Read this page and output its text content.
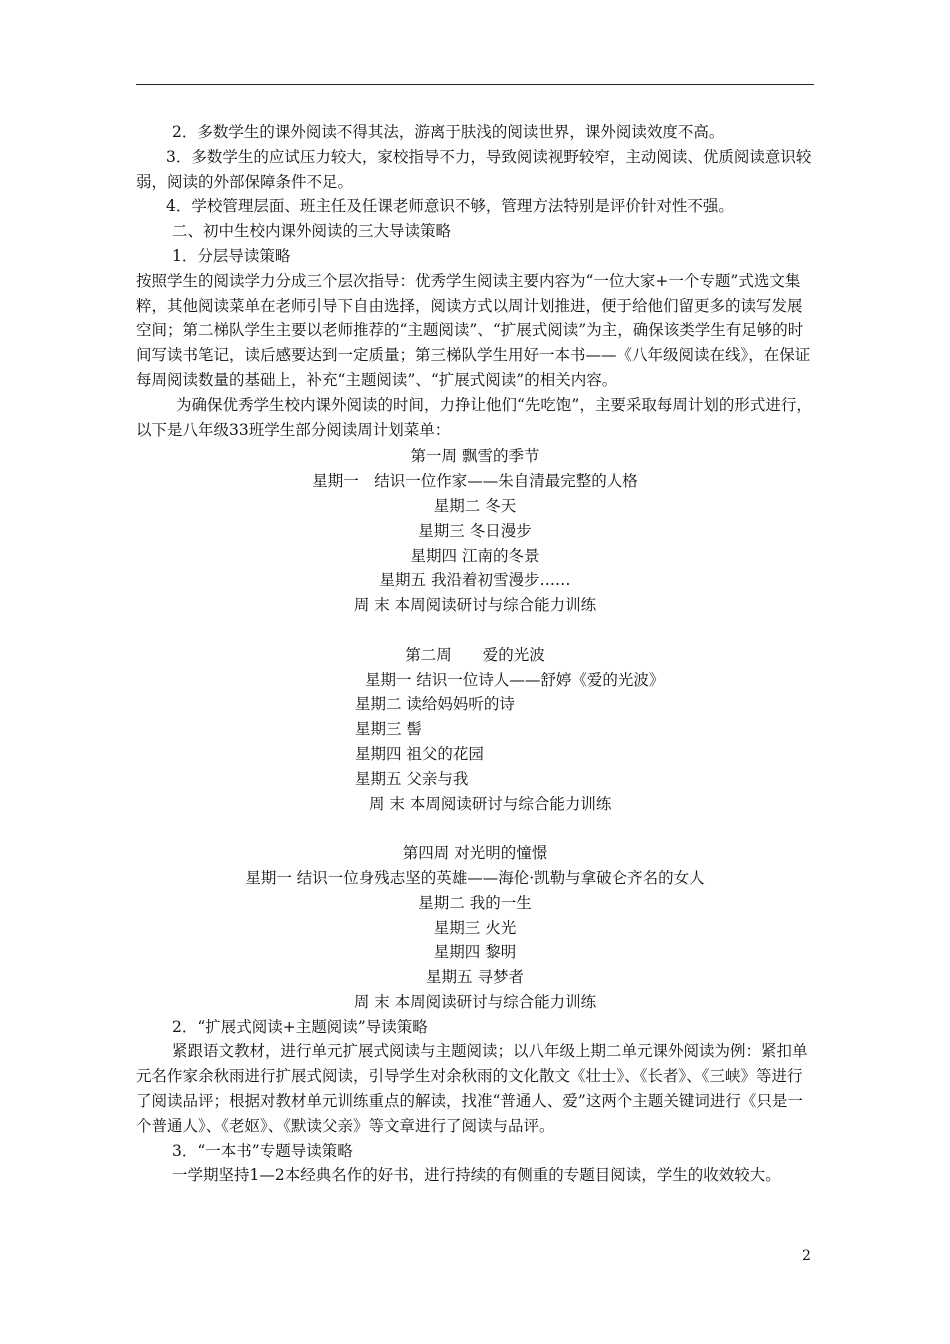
2．多数学生的课外阅读不得其法，游离于肤浅的阅读世界，课外阅读效度不高。

3．多数学生的应试压力较大，家校指导不力，导致阅读视野较窄，主动阅读、优质阅读意识较弱，阅读的外部保障条件不足。

4．学校管理层面、班主任及任课老师意识不够，管理方法特别是评价针对性不强。

二、初中生校内课外阅读的三大导读策略

1．分层导读策略

按照学生的阅读学力分成三个层次指导：优秀学生阅读主要内容为“一位大家+一个专题”式选文集粹，其他阅读菜单在老师引导下自由选择，阅读方式以周计划推进，便于给他们留更多的读写发展空间；第二梯队学生主要以老师推荐的“主题阅读”、“扩展式阅读”为主，确保该类学生有足够的时间写读书笔记，读后感要达到一定质量；第三梯队学生用好一本书——《八年级阅读在线》，在保证每周阅读数量的基础上，补充“主题阅读”、“扩展式阅读”的相关内容。

为确保优秀学生校内课外阅读的时间，力挣让他们“先吃饱”，主要采取每周计划的形式进行，以下是八年级33班学生部分阅读周计划菜单：

第一周 飘雪的季节

星期一　结识一位作家——朱自清最完整的人格

星期二 冬天

星期三 冬日漫步

星期四 江南的冬景

星期五 我沿着初雪漫步……

周 末 本周阅读研讨与综合能力训练

第二周　　爱的光波

星期一 结识一位诗人——舒婷《爱的光波》

星期二 读给妈妈听的诗

星期三 髻

星期四 祖父的花园

星期五 父亲与我

周 末 本周阅读研讨与综合能力训练

第四周 对光明的憧憬

星期一 结识一位身残志坚的英雄——海伦·凯勒与拿破仑齐名的女人

星期二 我的一生

星期三 火光

星期四 黎明

星期五 寻梦者

周 末 本周阅读研讨与综合能力训练

2．“扩展式阅读+主题阅读”导读策略

紧跟语文教材，进行单元扩展式阅读与主题阅读；以八年级上期二单元课外阅读为例：紧扣单元名作家余秋雨进行扩展式阅读，引导学生对余秋雨的文化散文《壮士》、《长者》、《三峡》等进行了阅读品评；根据对教材单元训练重点的解读，找准“普通人、爱”这两个主题关键词进行《只是一个普通人》、《老妪》、《默读父亲》等文章进行了阅读与品评。

3．“一本书”专题导读策略

一学期坚持1—2本经典名作的好书，进行持续的有侧重的专题目阅读，学生的收效较大。

2
